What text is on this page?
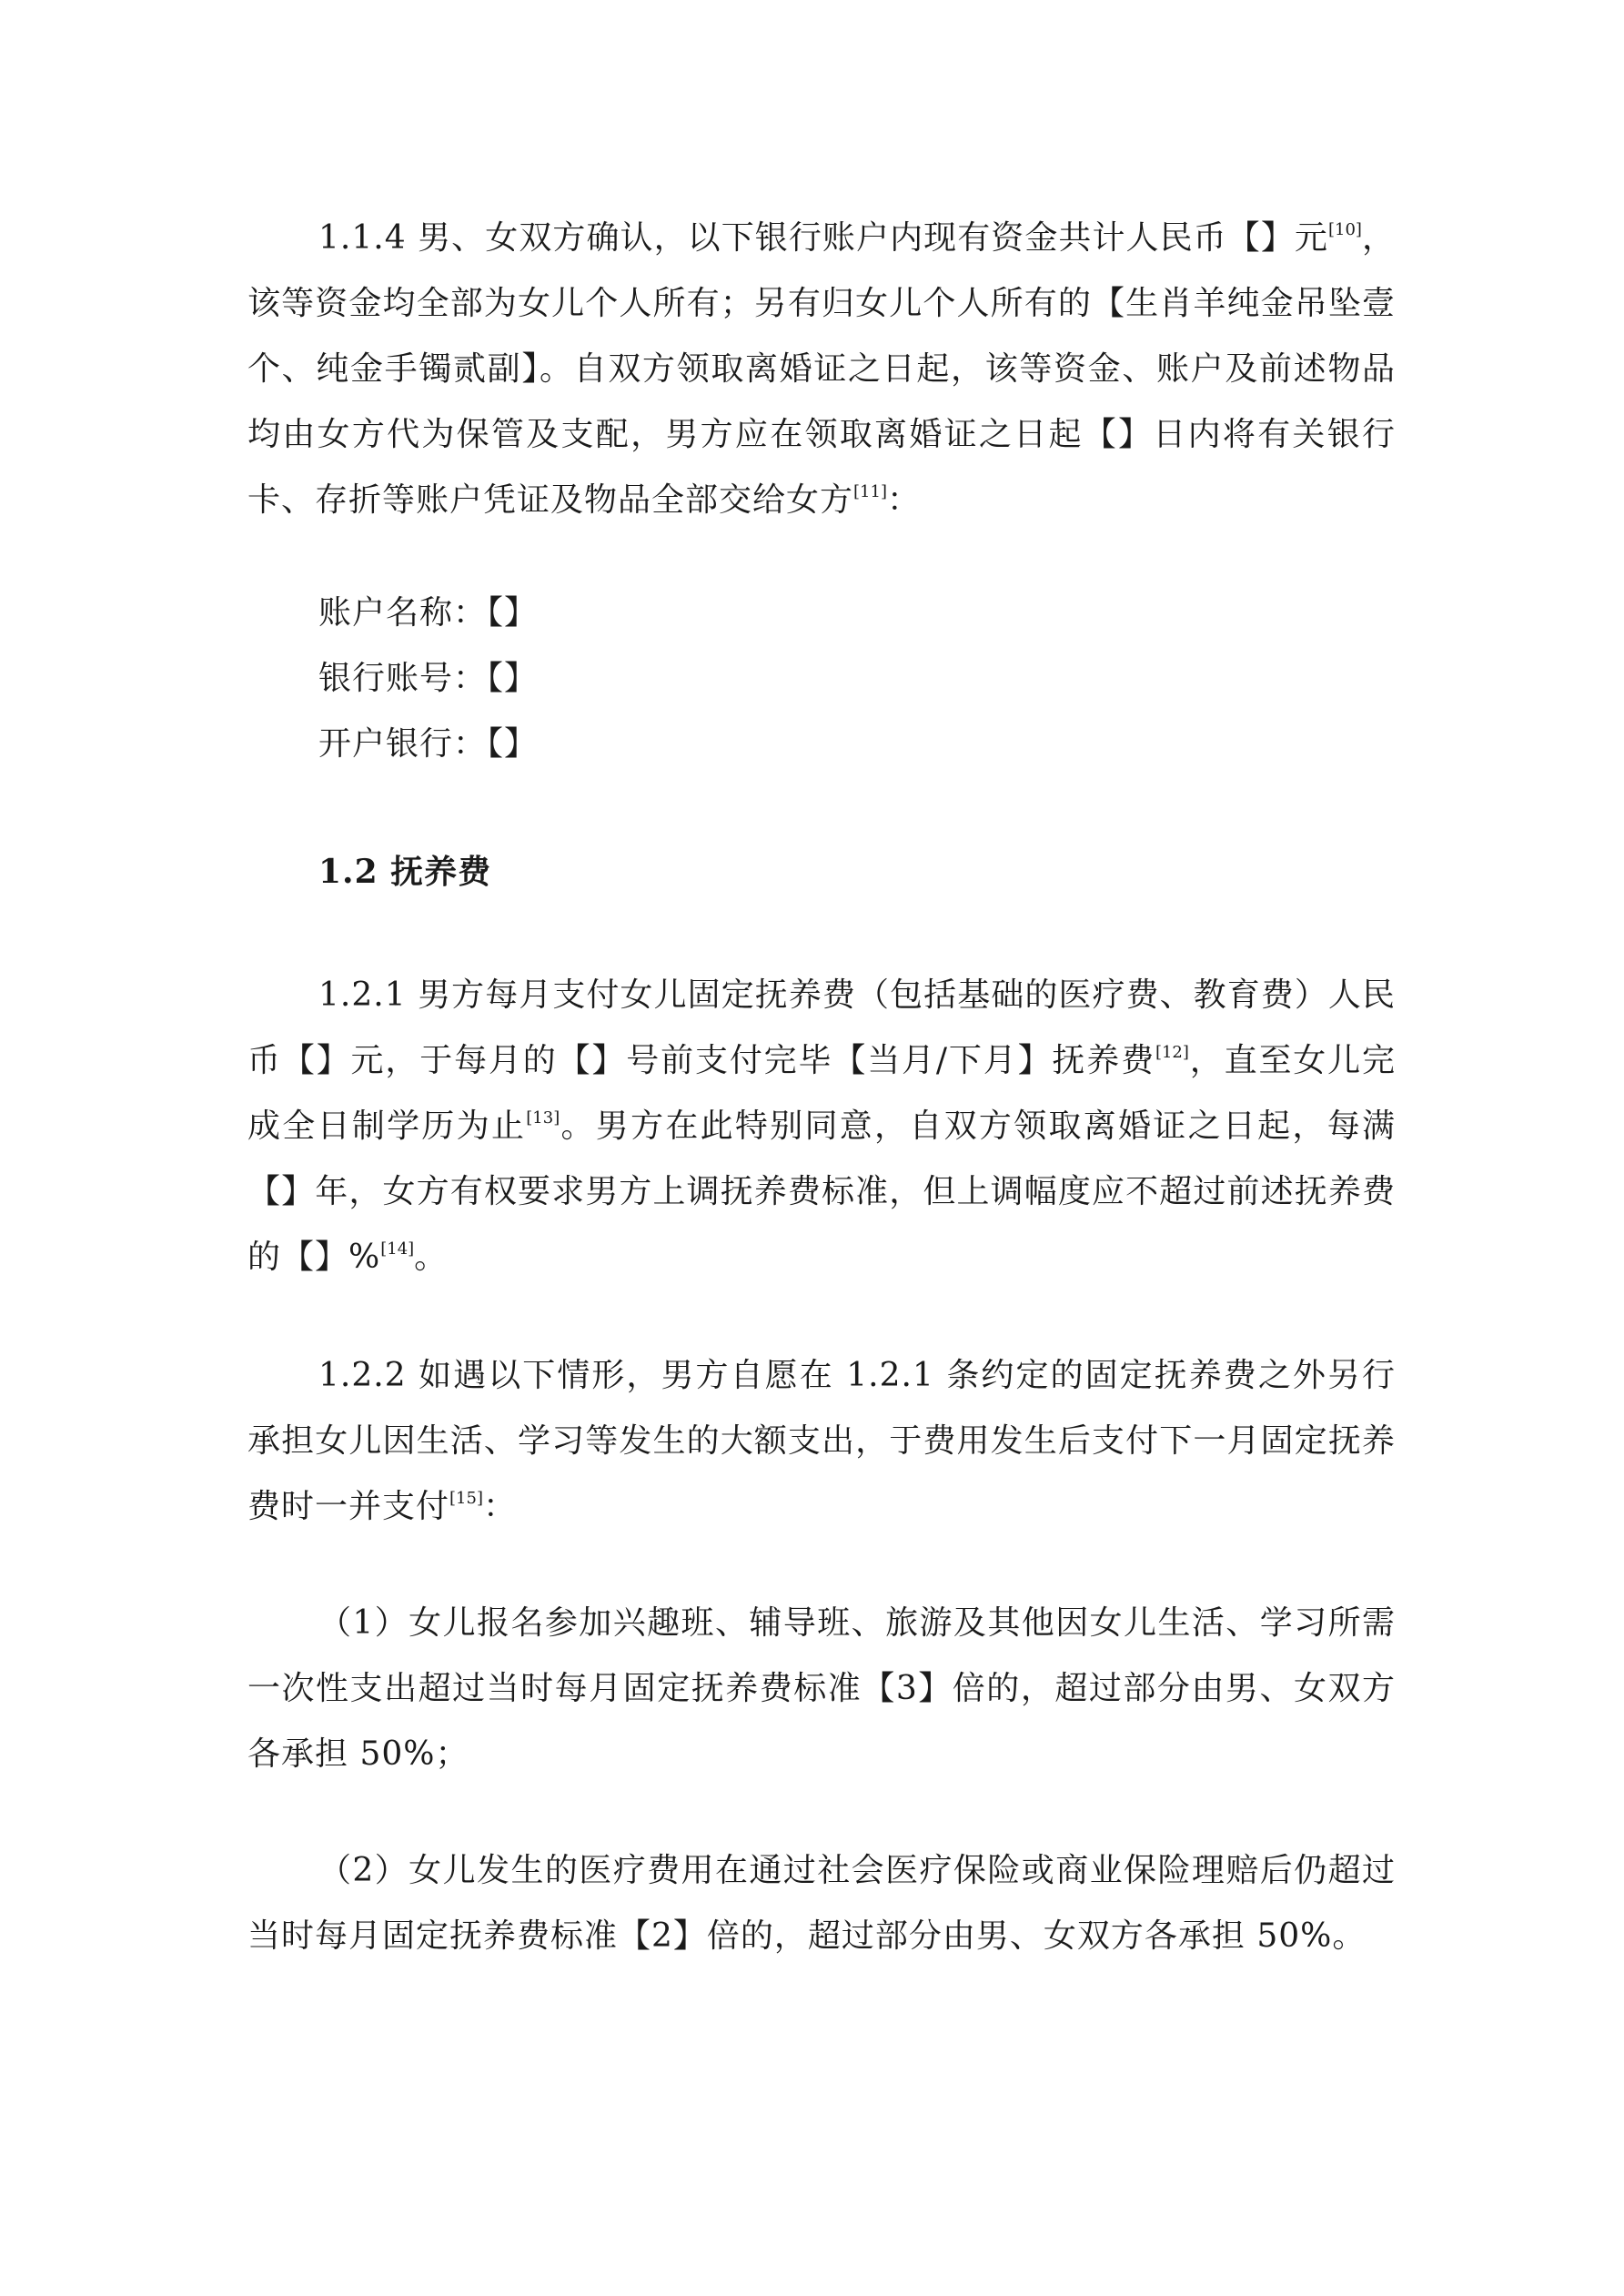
1.1.4 男、女双方确认，以下银行账户内现有资金共计人民币【】元[10]，该等资金均全部为女儿个人所有；另有归女儿个人所有的【生肖羊纯金吊坠壹个、纯金手镯贰副】。自双方领取离婚证之日起，该等资金、账户及前述物品均由女方代为保管及支配，男方应在领取离婚证之日起【】日内将有关银行卡、存折等账户凭证及物品全部交给女方[11]：

账户名称：【】

银行账号：【】

开户银行：【】

1.2 抚养费

1.2.1 男方每月支付女儿固定抚养费（包括基础的医疗费、教育费）人民币【】元，于每月的【】号前支付完毕【当月/下月】抚养费[12]，直至女儿完成全日制学历为止[13]。男方在此特别同意，自双方领取离婚证之日起，每满【】年，女方有权要求男方上调抚养费标准，但上调幅度应不超过前述抚养费的【】%[14]。

1.2.2 如遇以下情形，男方自愿在 1.2.1 条约定的固定抚养费之外另行承担女儿因生活、学习等发生的大额支出，于费用发生后支付下一月固定抚养费时一并支付[15]：

（1）女儿报名参加兴趣班、辅导班、旅游及其他因女儿生活、学习所需一次性支出超过当时每月固定抚养费标准【3】倍的，超过部分由男、女双方各承担 50%；

（2）女儿发生的医疗费用在通过社会医疗保险或商业保险理赔后仍超过当时每月固定抚养费标准【2】倍的，超过部分由男、女双方各承担 50%。
